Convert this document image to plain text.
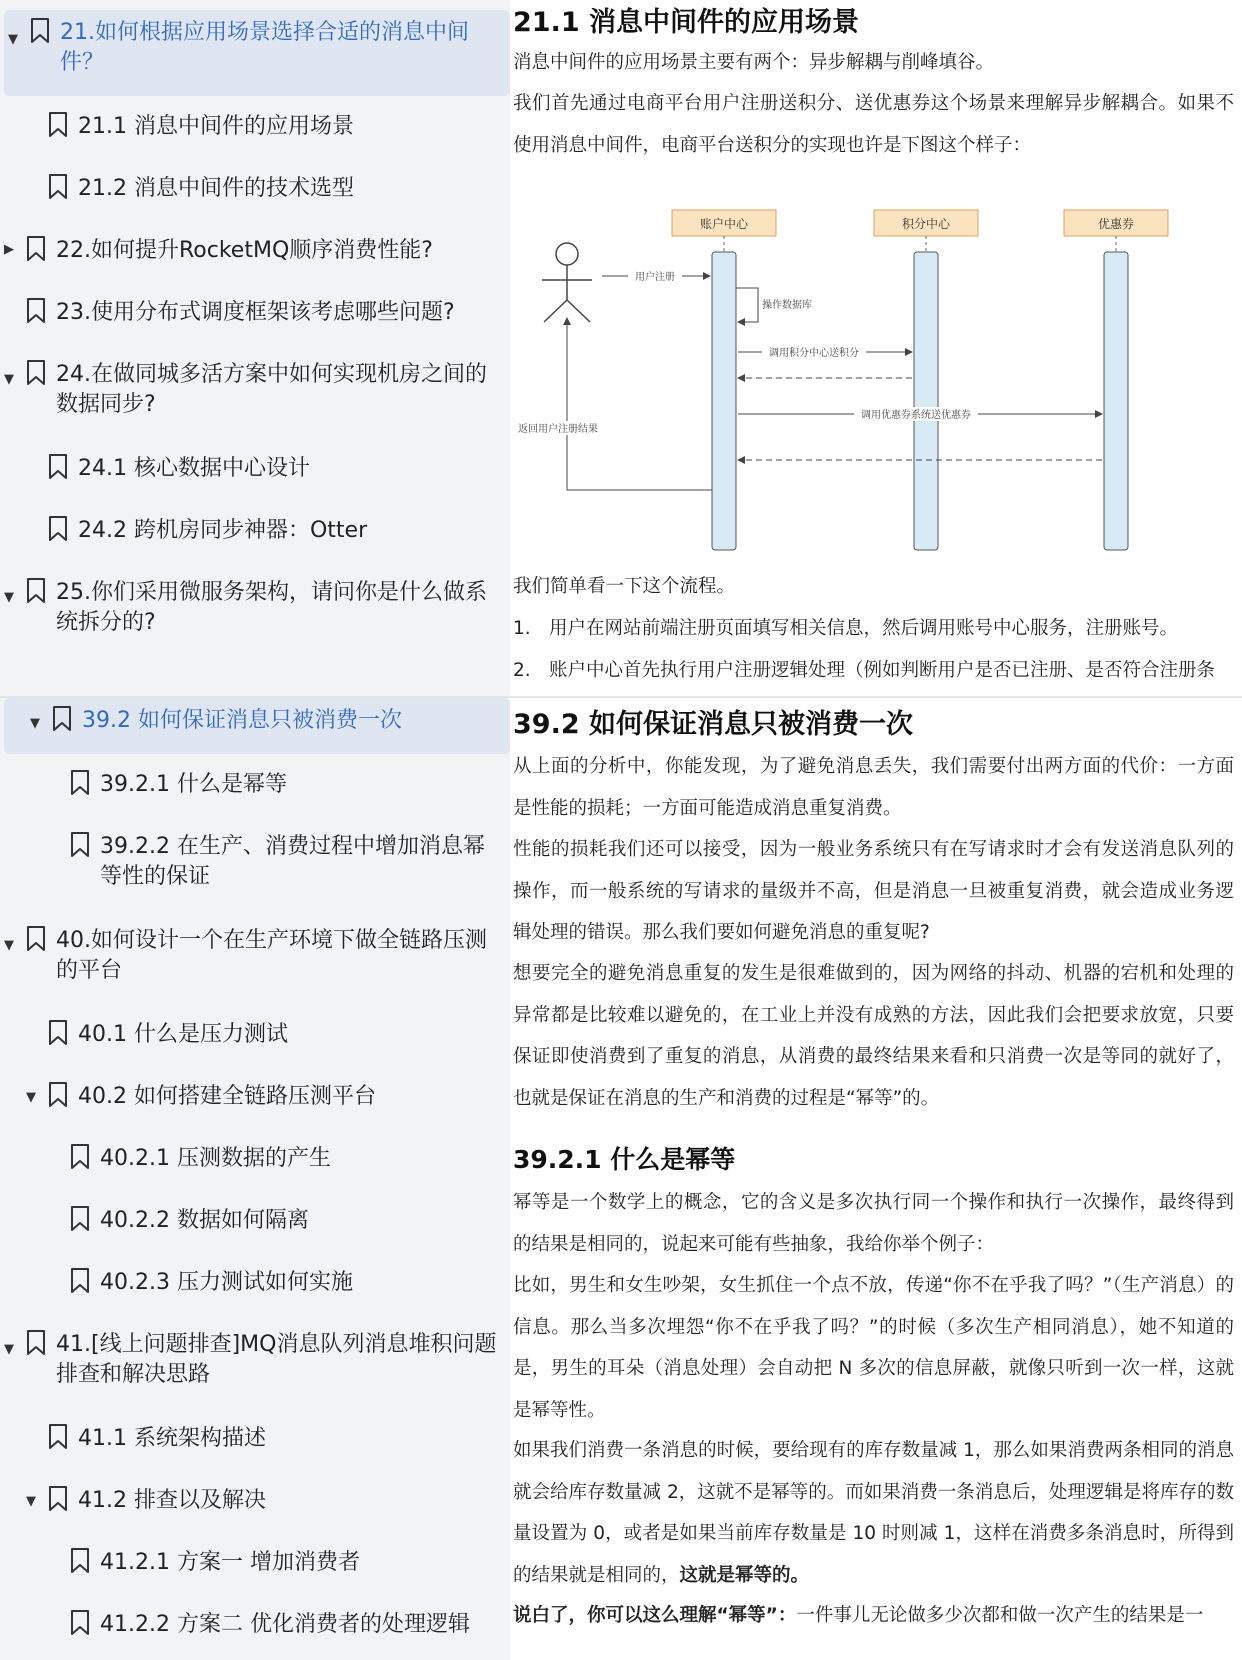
▼ 21.如何根据应用场景选择合适的消息中间件？
21.1 消息中间件的应用场景
21.2 消息中间件的技术选型
▶ 22.如何提升RocketMQ顺序消费性能?
23.使用分布式调度框架该考虑哪些问题?
▼ 24.在做同城多活方案中如何实现机房之间的数据同步?
24.1 核心数据中心设计
24.2 跨机房同步神器：Otter
▼ 25.你们采用微服务架构，请问你是什么做系统拆分的?
▼ 39.2 如何保证消息只被消费一次
39.2.1 什么是幂等
39.2.2 在生产、消费过程中增加消息幂等性的保证
▼ 40.如何设计一个在生产环境下做全链路压测的平台
40.1 什么是压力测试
▼ 40.2 如何搭建全链路压测平台
40.2.1 压测数据的产生
40.2.2 数据如何隔离
40.2.3 压力测试如何实施
▼ 41.[线上问题排查]MQ消息队列消息堆积问题排查和解决思路
41.1 系统架构描述
▼ 41.2 排查以及解决
41.2.1 方案一 增加消费者
41.2.2 方案二 优化消费者的处理逻辑
21.1 消息中间件的应用场景
消息中间件的应用场景主要有两个：异步解耦与削峰填谷。
我们首先通过电商平台用户注册送积分、送优惠券这个场景来理解异步解耦合。如果不使用消息中间件，电商平台送积分的实现也许是下图这个样子：
账户中心	积分中心	优惠券
用户注册
操作数据库
调用积分中心送积分
调用优惠券系统送优惠券
返回用户注册结果
我们简单看一下这个流程。
1. 用户在网站前端注册页面填写相关信息，然后调用账号中心服务，注册账号。
2. 账户中心首先执行用户注册逻辑处理（例如判断用户是否已注册、是否符合注册条
39.2 如何保证消息只被消费一次
从上面的分析中，你能发现，为了避免消息丢失，我们需要付出两方面的代价：一方面是性能的损耗；一方面可能造成消息重复消费。
性能的损耗我们还可以接受，因为一般业务系统只有在写请求时才会有发送消息队列的操作，而一般系统的写请求的量级并不高，但是消息一旦被重复消费，就会造成业务逻辑处理的错误。那么我们要如何避免消息的重复呢?
想要完全的避免消息重复的发生是很难做到的，因为网络的抖动、机器的宕机和处理的异常都是比较难以避免的，在工业上并没有成熟的方法，因此我们会把要求放宽，只要保证即使消费到了重复的消息，从消费的最终结果来看和只消费一次是等同的就好了，也就是保证在消息的生产和消费的过程是“幂等”的。
39.2.1 什么是幂等
幂等是一个数学上的概念，它的含义是多次执行同一个操作和执行一次操作，最终得到的结果是相同的，说起来可能有些抽象，我给你举个例子：
比如，男生和女生吵架，女生抓住一个点不放，传递“你不在乎我了吗？”（生产消息）的信息。那么当多次埋怨“你不在乎我了吗？”的时候（多次生产相同消息），她不知道的是，男生的耳朵（消息处理）会自动把 N 多次的信息屏蔽，就像只听到一次一样，这就是幂等性。
如果我们消费一条消息的时候，要给现有的库存数量减 1，那么如果消费两条相同的消息就会给库存数量减 2，这就不是幂等的。而如果消费一条消息后，处理逻辑是将库存的数量设置为 0，或者是如果当前库存数量是 10 时则减 1，这样在消费多条消息时，所得到的结果就是相同的，这就是幂等的。
说白了，你可以这么理解“幂等”：一件事儿无论做多少次都和做一次产生的结果是一
